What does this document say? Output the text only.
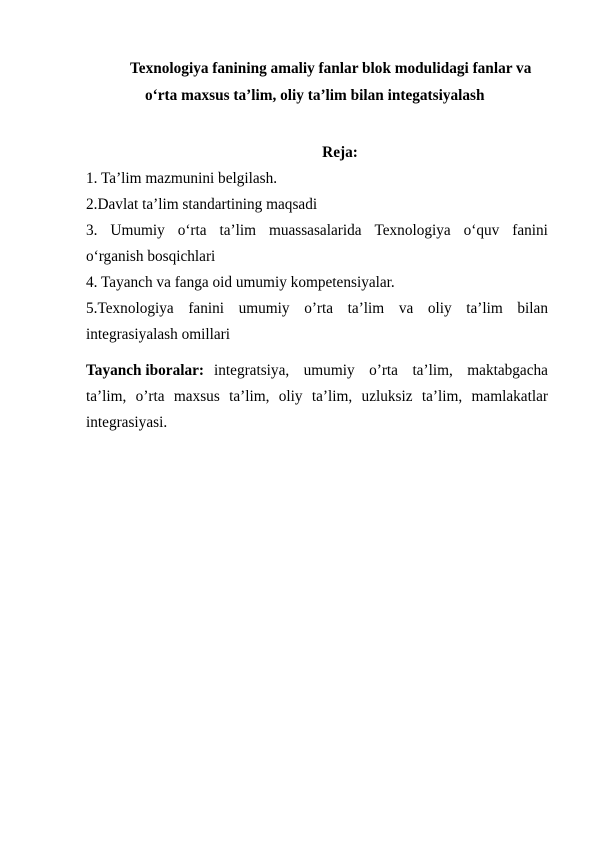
Texnologiya fanining amaliy fanlar blok modulidagi fanlar va
o‘rta maxsus ta’lim, oliy ta’lim bilan integatsiyalash
Reja:
1. Ta’lim mazmunini belgilash.
2.Davlat ta’lim standartining maqsadi
3. Umumiy o‘rta ta’lim muassasalarida Texnologiya o‘quv fanini
o‘rganish bosqichlari
4. Tayanch va fanga oid umumiy kompetensiyalar.
5.Texnologiya fanini umumiy o’rta ta’lim va oliy ta’lim bilan
integrasiyalash omillari
Tayanch iboralar: integratsiya, umumiy o’rta ta’lim, maktabgacha
ta’lim, o’rta maxsus ta’lim, oliy ta’lim, uzluksiz ta’lim, mamlakatlar
integrasiyasi.
